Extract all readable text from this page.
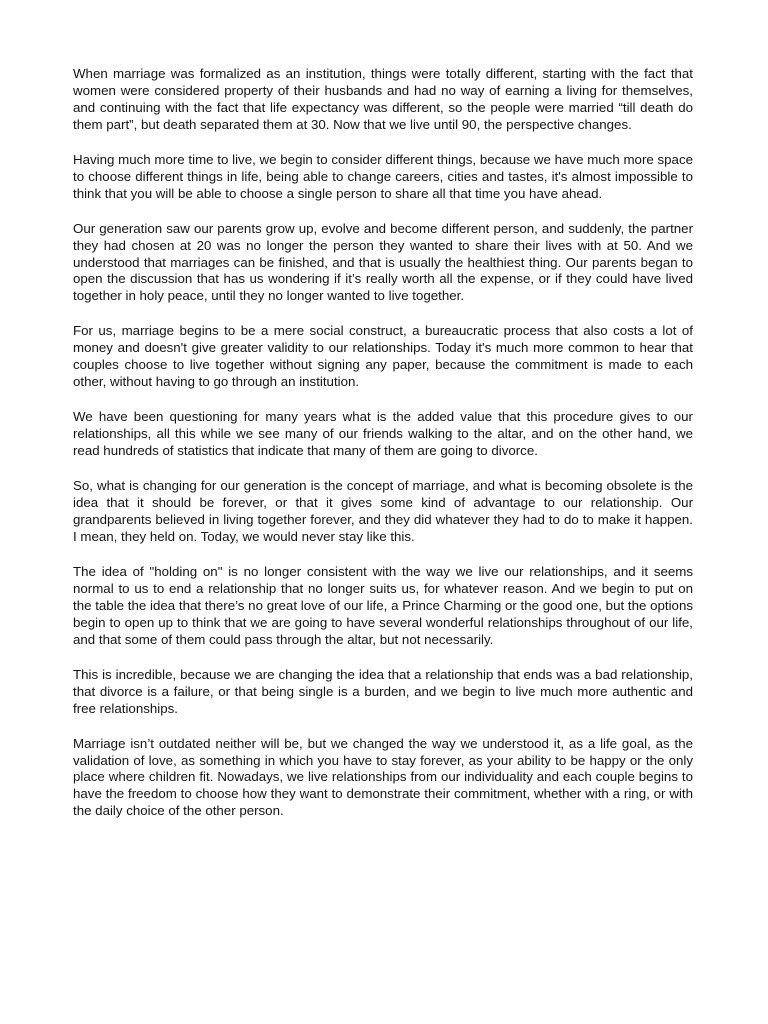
When marriage was formalized as an institution, things were totally different, starting with the fact that women were considered property of their husbands and had no way of earning a living for themselves, and continuing with the fact that life expectancy was different, so the people were married “till death do them part”, but death separated them at 30. Now that we live until 90, the perspective changes.

Having much more time to live, we begin to consider different things, because we have much more space to choose different things in life, being able to change careers, cities and tastes, it's almost impossible to think that you will be able to choose a single person to share all that time you have ahead.

Our generation saw our parents grow up, evolve and become different person, and suddenly, the partner they had chosen at 20 was no longer the person they wanted to share their lives with at 50. And we understood that marriages can be finished, and that is usually the healthiest thing. Our parents began to open the discussion that has us wondering if it’s really worth all the expense, or if they could have lived together in holy peace, until they no longer wanted to live together.

For us, marriage begins to be a mere social construct, a bureaucratic process that also costs a lot of money and doesn't give greater validity to our relationships. Today it's much more common to hear that couples choose to live together without signing any paper, because the commitment is made to each other, without having to go through an institution.

We have been questioning for many years what is the added value that this procedure gives to our relationships, all this while we see many of our friends walking to the altar, and on the other hand, we read hundreds of statistics that indicate that many of them are going to divorce.

So, what is changing for our generation is the concept of marriage, and what is becoming obsolete is the idea that it should be forever, or that it gives some kind of advantage to our relationship. Our grandparents believed in living together forever, and they did whatever they had to do to make it happen. I mean, they held on. Today, we would never stay like this.

The idea of "holding on" is no longer consistent with the way we live our relationships, and it seems normal to us to end a relationship that no longer suits us, for whatever reason. And we begin to put on the table the idea that there’s no great love of our life, a Prince Charming or the good one, but the options begin to open up to think that we are going to have several wonderful relationships throughout of our life, and that some of them could pass through the altar, but not necessarily.

This is incredible, because we are changing the idea that a relationship that ends was a bad relationship, that divorce is a failure, or that being single is a burden, and we begin to live much more authentic and free relationships.

Marriage isn’t outdated neither will be, but we changed the way we understood it, as a life goal, as the validation of love, as something in which you have to stay forever, as your ability to be happy or the only place where children fit. Nowadays, we live relationships from our individuality and each couple begins to have the freedom to choose how they want to demonstrate their commitment, whether with a ring, or with the daily choice of the other person.
